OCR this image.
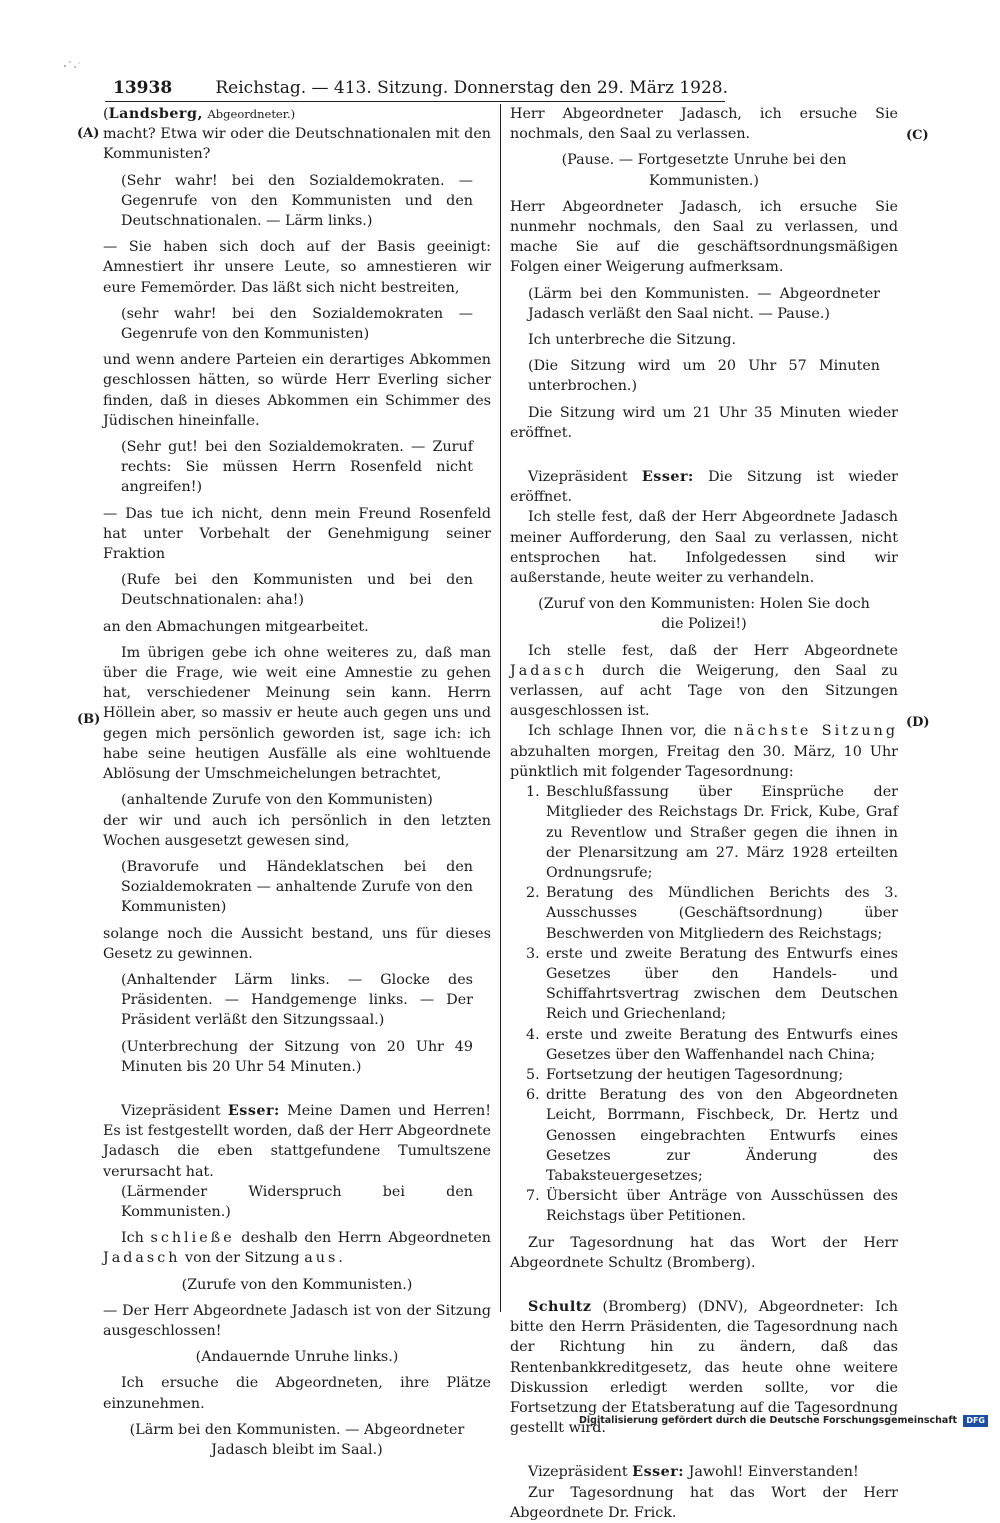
13938	Reichstag. — 413. Sitzung. Donnerstag den 29. März 1928.
(A)
(B)
(C)
(D)

(Landsberg, Abgeordneter.)

macht? Etwa wir oder die Deutschnationalen mit den Kommunisten?

(Sehr wahr! bei den Sozialdemokraten. — Gegenrufe von den Kommunisten und den Deutschnationalen. — Lärm links.)

— Sie haben sich doch auf der Basis geeinigt: Amnestiert ihr unsere Leute, so amnestieren wir eure Fememörder. Das läßt sich nicht bestreiten,

(sehr wahr! bei den Sozialdemokraten — Gegenrufe von den Kommunisten)

und wenn andere Parteien ein derartiges Abkommen geschlossen hätten, so würde Herr Everling sicher finden, daß in dieses Abkommen ein Schimmer des Jüdischen hineinfalle.

(Sehr gut! bei den Sozialdemokraten. — Zuruf rechts: Sie müssen Herrn Rosenfeld nicht angreifen!)

— Das tue ich nicht, denn mein Freund Rosenfeld hat unter Vorbehalt der Genehmigung seiner Fraktion

(Rufe bei den Kommunisten und bei den Deutschnationalen: aha!)

an den Abmachungen mitgearbeitet.

Im übrigen gebe ich ohne weiteres zu, daß man über die Frage, wie weit eine Amnestie zu gehen hat, verschiedener Meinung sein kann. Herrn Höllein aber, so massiv er heute auch gegen uns und gegen mich persönlich geworden ist, sage ich: ich habe seine heutigen Ausfälle als eine wohltuende Ablösung der Umschmeichelungen betrachtet,

(anhaltende Zurufe von den Kommunisten)

der wir und auch ich persönlich in den letzten Wochen ausgesetzt gewesen sind,

(Bravorufe und Händeklatschen bei den Sozialdemokraten — anhaltende Zurufe von den Kommunisten)

solange noch die Aussicht bestand, uns für dieses Gesetz zu gewinnen.

(Anhaltender Lärm links. — Glocke des Präsidenten. — Handgemenge links. — Der Präsident verläßt den Sitzungssaal.)

(Unterbrechung der Sitzung von 20 Uhr 49 Minuten bis 20 Uhr 54 Minuten.)

Vizepräsident Esser: Meine Damen und Herren! Es ist festgestellt worden, daß der Herr Abgeordnete Jadasch die eben stattgefundene Tumultszene verursacht hat.

(Lärmender Widerspruch bei den Kommunisten.)

Ich schließe deshalb den Herrn Abgeordneten Jadasch von der Sitzung aus.

(Zurufe von den Kommunisten.)

— Der Herr Abgeordnete Jadasch ist von der Sitzung ausgeschlossen!

(Andauernde Unruhe links.)

Ich ersuche die Abgeordneten, ihre Plätze einzunehmen.

(Lärm bei den Kommunisten. — Abgeordneter Jadasch bleibt im Saal.)

Herr Abgeordneter Jadasch, ich ersuche Sie nochmals, den Saal zu verlassen.

(Pause. — Fortgesetzte Unruhe bei den Kommunisten.)

Herr Abgeordneter Jadasch, ich ersuche Sie nunmehr nochmals, den Saal zu verlassen, und mache Sie auf die geschäftsordnungsmäßigen Folgen einer Weigerung aufmerksam.

(Lärm bei den Kommunisten. — Abgeordneter Jadasch verläßt den Saal nicht. — Pause.)

Ich unterbreche die Sitzung.

(Die Sitzung wird um 20 Uhr 57 Minuten unterbrochen.)

Die Sitzung wird um 21 Uhr 35 Minuten wieder eröffnet.

Vizepräsident Esser: Die Sitzung ist wieder eröffnet.

Ich stelle fest, daß der Herr Abgeordnete Jadasch meiner Aufforderung, den Saal zu verlassen, nicht entsprochen hat. Infolgedessen sind wir außerstande, heute weiter zu verhandeln.

(Zuruf von den Kommunisten: Holen Sie doch die Polizei!)

Ich stelle fest, daß der Herr Abgeordnete Jadasch durch die Weigerung, den Saal zu verlassen, auf acht Tage von den Sitzungen ausgeschlossen ist.

Ich schlage Ihnen vor, die nächste Sitzung abzuhalten morgen, Freitag den 30. März, 10 Uhr pünktlich mit folgender Tagesordnung:

1. Beschlußfassung über Einsprüche der Mitglieder des Reichstags Dr. Frick, Kube, Graf zu Reventlow und Straßer gegen die ihnen in der Plenarsitzung am 27. März 1928 erteilten Ordnungsrufe;
2. Beratung des Mündlichen Berichts des 3. Ausschusses (Geschäftsordnung) über Beschwerden von Mitgliedern des Reichstags;
3. erste und zweite Beratung des Entwurfs eines Gesetzes über den Handels- und Schiffahrtsvertrag zwischen dem Deutschen Reich und Griechenland;
4. erste und zweite Beratung des Entwurfs eines Gesetzes über den Waffenhandel nach China;
5. Fortsetzung der heutigen Tagesordnung;
6. dritte Beratung des von den Abgeordneten Leicht, Borrmann, Fischbeck, Dr. Hertz und Genossen eingebrachten Entwurfs eines Gesetzes zur Änderung des Tabaksteuergesetzes;
7. Übersicht über Anträge von Ausschüssen des Reichstags über Petitionen.

Zur Tagesordnung hat das Wort der Herr Abgeordnete Schultz (Bromberg).

Schultz (Bromberg) (DNV), Abgeordneter: Ich bitte den Herrn Präsidenten, die Tagesordnung nach der Richtung hin zu ändern, daß das Rentenbankkreditgesetz, das heute ohne weitere Diskussion erledigt werden sollte, vor die Fortsetzung der Etatsberatung auf die Tagesordnung gestellt wird.

Vizepräsident Esser: Jawohl! Einverstanden!

Zur Tagesordnung hat das Wort der Herr Abgeordnete Dr. Frick.

Digitalisierung gefördert durch die Deutsche Forschungsgemeinschaft DFG
